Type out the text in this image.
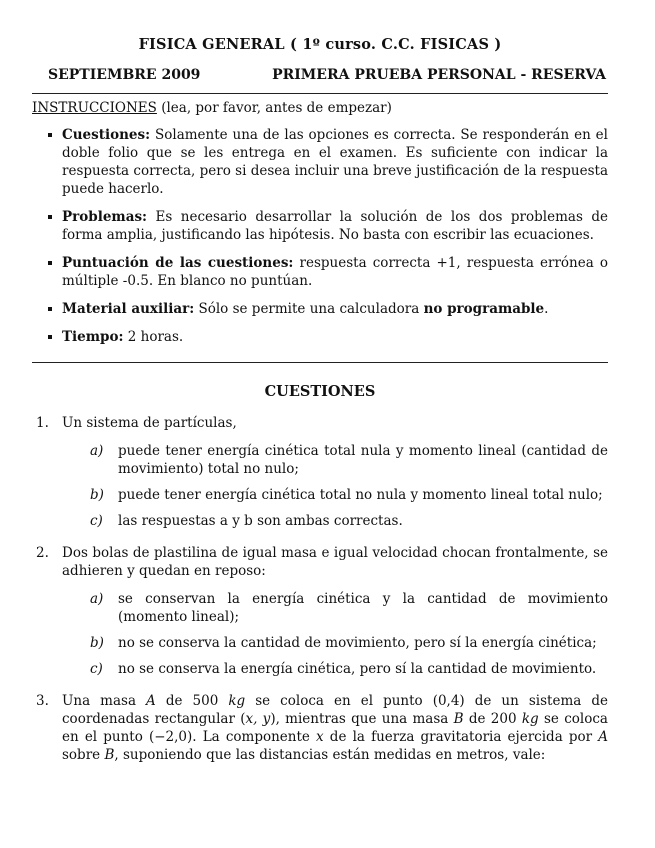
FISICA GENERAL ( 1º curso. C.C. FISICAS )

SEPTIEMBRE 2009	PRIMERA PRUEBA PERSONAL - RESERVA
INSTRUCCIONES (lea, por favor, antes de empezar)
Cuestiones: Solamente una de las opciones es correcta. Se responderán en el doble folio que se les entrega en el examen. Es suficiente con indicar la respuesta correcta, pero si desea incluir una breve justificación de la respuesta puede hacerlo.
Problemas: Es necesario desarrollar la solución de los dos problemas de forma amplia, justificando las hipótesis. No basta con escribir las ecuaciones.
Puntuación de las cuestiones: respuesta correcta +1, respuesta errónea o múltiple -0.5. En blanco no puntúan.
Material auxiliar: Sólo se permite una calculadora no programable.
Tiempo: 2 horas.
CUESTIONES
1. Un sistema de partículas,
a) puede tener energía cinética total nula y momento lineal (cantidad de movimiento) total no nulo;
b) puede tener energía cinética total no nula y momento lineal total nulo;
c) las respuestas a y b son ambas correctas.
2. Dos bolas de plastilina de igual masa e igual velocidad chocan frontalmente, se adhieren y quedan en reposo:
a) se conservan la energía cinética y la cantidad de movimiento (momento lineal);
b) no se conserva la cantidad de movimiento, pero sí la energía cinética;
c) no se conserva la energía cinética, pero sí la cantidad de movimiento.
3. Una masa A de 500 kg se coloca en el punto (0,4) de un sistema de coordenadas rectangular (x, y), mientras que una masa B de 200 kg se coloca en el punto (−2,0). La componente x de la fuerza gravitatoria ejercida por A sobre B, suponiendo que las distancias están medidas en metros, vale:
